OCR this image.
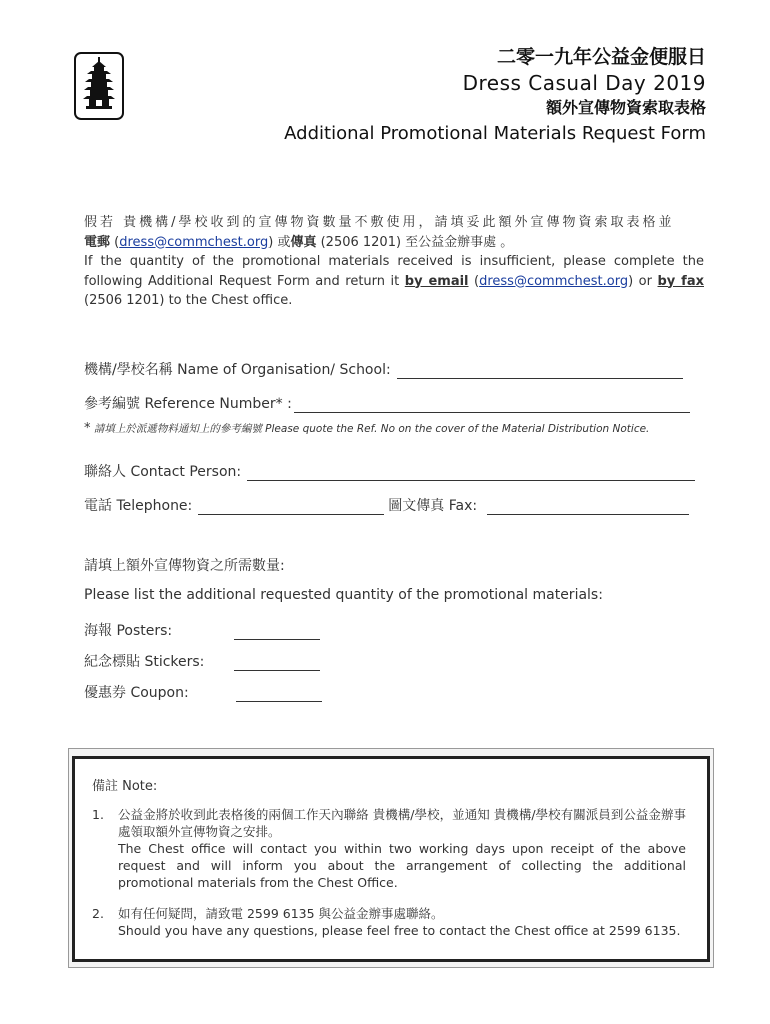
二零一九年公益金便服日
Dress Casual Day 2019
額外宣傳物資索取表格
Additional Promotional Materials Request Form

假若 貴機構/學校收到的宣傳物資數量不敷使用，請填妥此額外宣傳物資索取表格並

電郵 (dress@commchest.org) 或傳真 (2506 1201) 至公益金辦事處 。

If the quantity of the promotional materials received is insufficient, please complete the following Additional Request Form and return it by email (dress@commchest.org) or by fax (2506 1201) to the Chest office.

機構/學校名稱 Name of Organisation/ School:
參考編號 Reference Number* :
* 請填上於派遞物料通知上的參考編號 Please quote the Ref. No on the cover of the Material Distribution Notice.
聯絡人 Contact Person:
電話 Telephone:	圖文傳真 Fax:
請填上額外宣傳物資之所需數量:
Please list the additional requested quantity of the promotional materials:
海報 Posters:
紀念標貼 Stickers:
優惠券 Coupon:
備註 Note:
1.	公益金將於收到此表格後的兩個工作天內聯絡 貴機構/學校，並通知 貴機構/學校有關派員到公益金辦事處領取額外宣傳物資之安排。
The Chest office will contact you within two working days upon receipt of the above request and will inform you about the arrangement of collecting the additional promotional materials from the Chest Office.
2.	如有任何疑問，請致電 2599 6135 與公益金辦事處聯絡。
Should you have any questions, please feel free to contact the Chest office at 2599 6135.
